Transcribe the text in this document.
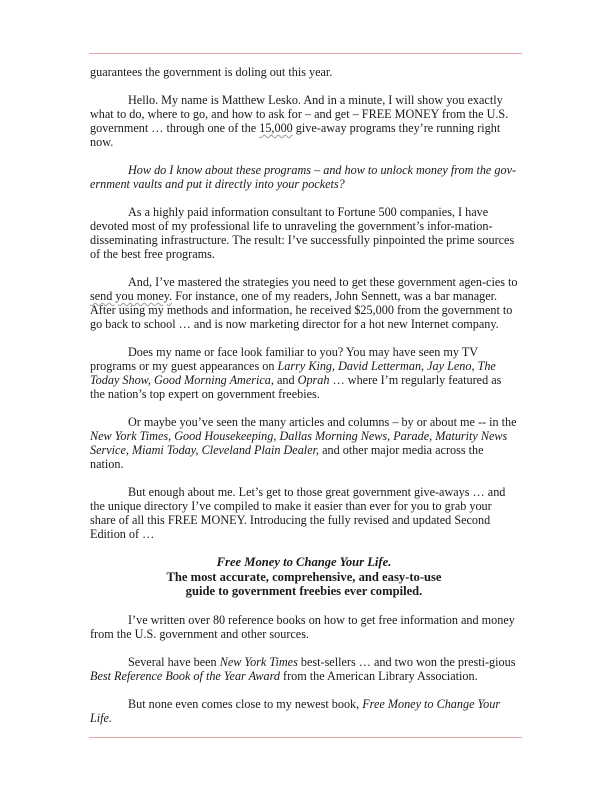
guarantees the government is doling out this year.

Hello. My name is Matthew Lesko. And in a minute, I will show you exactly what to do, where to go, and how to ask for – and get – FREE MONEY from the U.S. government … through one of the 15,000 give-away programs they’re running right now.

How do I know about these programs – and how to unlock money from the gov-ernment vaults and put it directly into your pockets?

As a highly paid information consultant to Fortune 500 companies, I have devoted most of my professional life to unraveling the government’s infor-mation-disseminating infrastructure. The result: I’ve successfully pinpointed the prime sources of the best free programs.

And, I’ve mastered the strategies you need to get these government agen-cies to send you money. For instance, one of my readers, John Sennett, was a bar manager. After using my methods and information, he received $25,000 from the government to go back to school … and is now marketing director for a hot new Internet company.

Does my name or face look familiar to you? You may have seen my TV programs or my guest appearances on Larry King, David Letterman, Jay Leno, The Today Show, Good Morning America, and Oprah … where I’m regularly featured as the nation’s top expert on government freebies.

Or maybe you’ve seen the many articles and columns – by or about me -- in the New York Times, Good Housekeeping, Dallas Morning News, Parade, Maturity News Service, Miami Today, Cleveland Plain Dealer, and other major media across the nation.

But enough about me. Let’s get to those great government give-aways … and the unique directory I’ve compiled to make it easier than ever for you to grab your share of all this FREE MONEY. Introducing the fully revised and updated Second Edition of …

Free Money to Change Your Life.
The most accurate, comprehensive, and easy-to-use
guide to government freebies ever compiled.

I’ve written over 80 reference books on how to get free information and money from the U.S. government and other sources.

Several have been New York Times best-sellers … and two won the presti-gious Best Reference Book of the Year Award from the American Library Association.

But none even comes close to my newest book, Free Money to Change Your Life.
